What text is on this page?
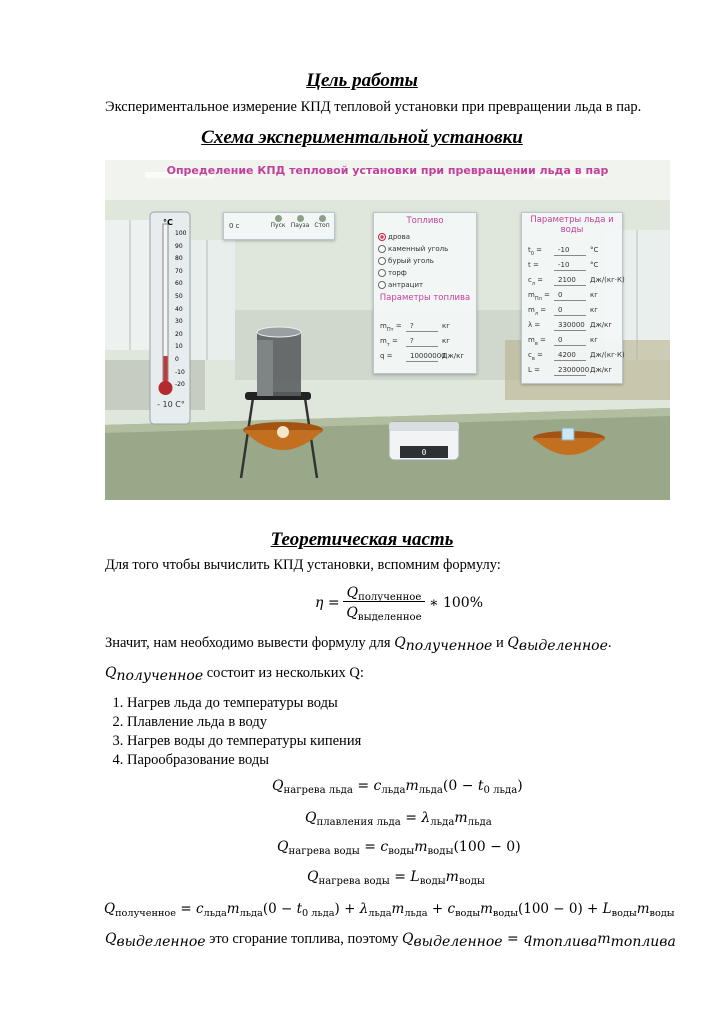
Цель работы
Экспериментальное измерение КПД тепловой установки при превращении льда в пар.
Схема экспериментальной установки
Определение КПД тепловой установки при превращении льда в пар
°C
100
90
80
70
60
50
40
30
20
10
0
-10
-20
- 10 C°
0 с	Пуск Пауза Стоп	Топливо
дрова
каменный уголь
бурый уголь
торф
антрацит
Параметры топлива
$m_{Пт}$ =	?	кг
$m_т$ =	?	кг
q =	10000000
Дж/кг
Параметры льда и воды
$t_0$ =	-10	°С
t =	-10	°С
$c_л$ =	2100	Дж/(кг·К)
$m_{Пл}$ =	0	кг
$m_л$ =	0	кг
λ =	330000 Дж/кг
$m_в$ =	0	кг
$c_в$ =	4200	Дж/(кг·К)
L =	2300000 Дж/кг
0
Теоретическая часть
Для того чтобы вычислить КПД установки, вспомним формулу:
η =
$Q_{полученное}$
$Q_{выделенное}$
∗ 100%
Значит, нам необходимо вывести формулу для $Q_{полученное}$ и $Q_{выделенное}$.
$Q_{полученное}$ состоит из нескольких Q:
1. Нагрев льда до температуры воды
2. Плавление льда в воду
3. Нагрев воды до температуры кипения
4. Парообразование воды
$Q_{нагрева льда} = c_{льда}m_{льда}(0 - t_{0 льда})$
$Q_{плавления льда} = \lambda_{льда}m_{льда}$
$Q_{нагрева воды} = c_{воды}m_{воды}(100 - 0)$
$Q_{нагрева воды} = L_{воды}m_{воды}$
$Q_{полученное} = c_{льда}m_{льда}(0 - t_{0 льда}) + \lambda_{льда}m_{льда} + c_{воды}m_{воды}(100 - 0) + L_{воды}m_{воды}$
$Q_{выделенное}$ это сгорание топлива, поэтому $Q_{выделенное} = q_{топлива}m_{топлива}$
